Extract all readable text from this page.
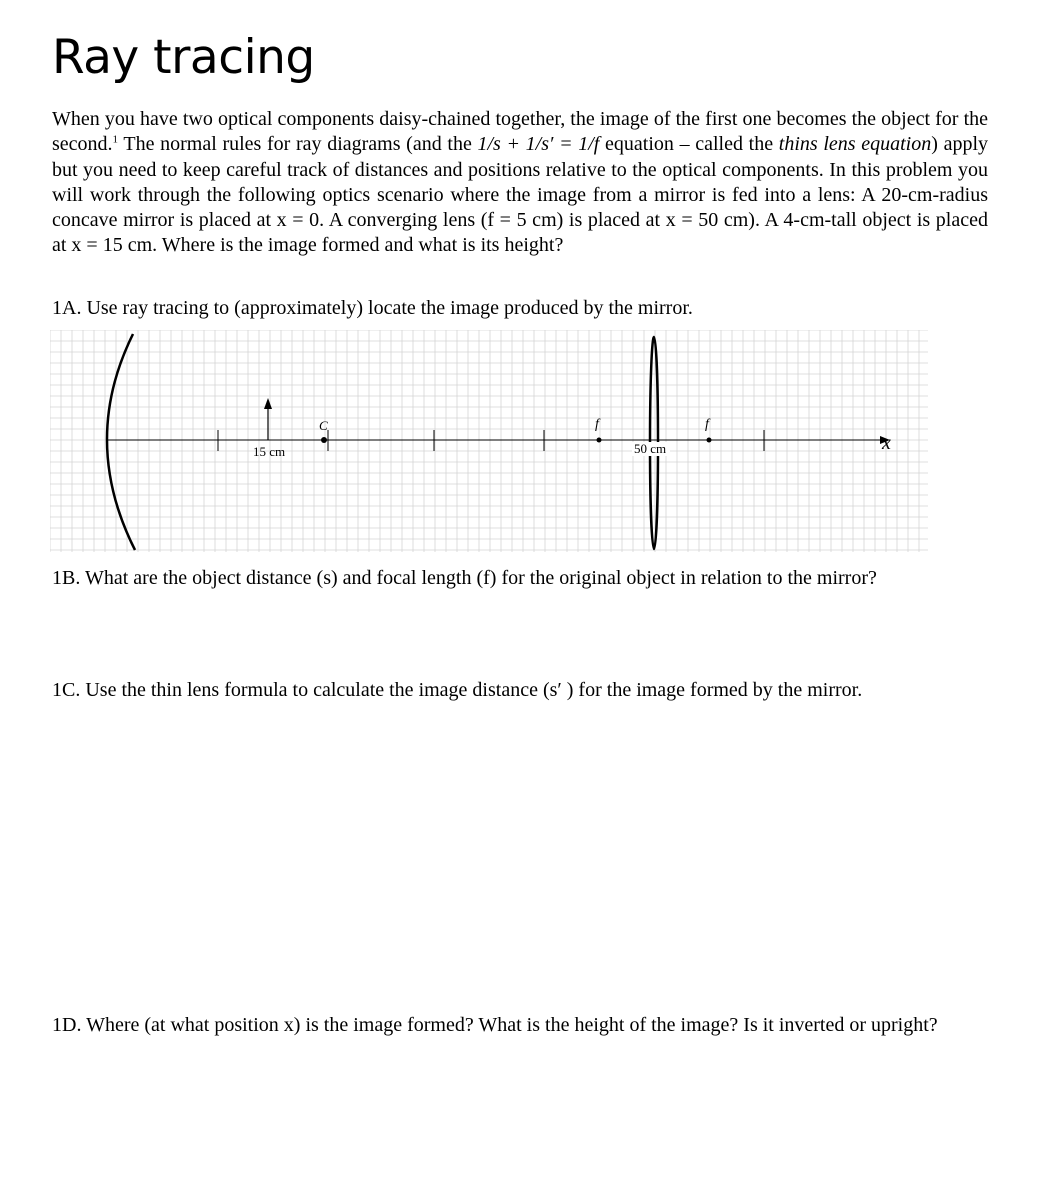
Ray tracing

When you have two optical components daisy-chained together, the image of the first one becomes the object for the second.$^1$ The normal rules for ray diagrams (and the 1/s + 1/s′ = 1/f equation – called the thins lens equation) apply but you need to keep careful track of distances and positions relative to the optical components. In this problem you will work through the following optics scenario where the image from a mirror is fed into a lens: A 20-cm-radius concave mirror is placed at x = 0. A converging lens (f = 5 cm) is placed at x = 50 cm). A 4-cm-tall object is placed at x = 15 cm. Where is the image formed and what is its height?

1A. Use ray tracing to (approximately) locate the image produced by the mirror.

15 cm	50 cm
C	f	f
x

1B. What are the object distance (s) and focal length (f) for the original object in relation to the mirror?

1C. Use the thin lens formula to calculate the image distance (s′ ) for the image formed by the mirror.

1D. Where (at what position x) is the image formed? What is the height of the image? Is it inverted or upright?
